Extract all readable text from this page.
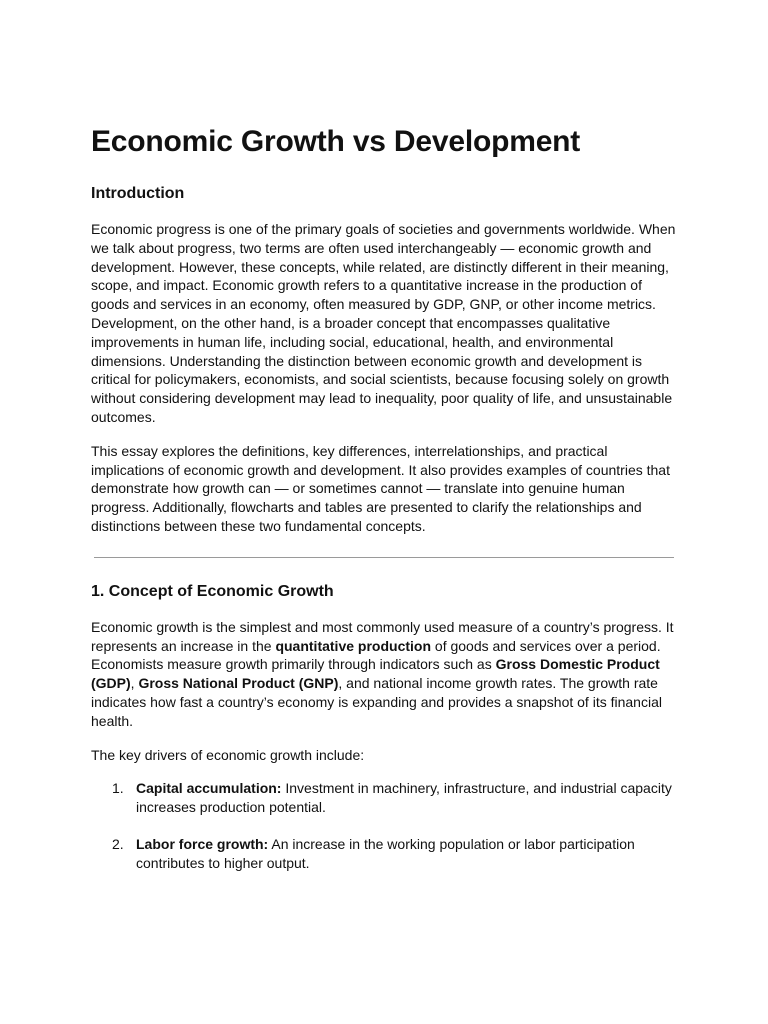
Economic Growth vs Development
Introduction

Economic progress is one of the primary goals of societies and governments worldwide. When we talk about progress, two terms are often used interchangeably — economic growth and development. However, these concepts, while related, are distinctly different in their meaning, scope, and impact. Economic growth refers to a quantitative increase in the production of goods and services in an economy, often measured by GDP, GNP, or other income metrics. Development, on the other hand, is a broader concept that encompasses qualitative improvements in human life, including social, educational, health, and environmental dimensions. Understanding the distinction between economic growth and development is critical for policymakers, economists, and social scientists, because focusing solely on growth without considering development may lead to inequality, poor quality of life, and unsustainable outcomes.

This essay explores the definitions, key differences, interrelationships, and practical implications of economic growth and development. It also provides examples of countries that demonstrate how growth can — or sometimes cannot — translate into genuine human progress. Additionally, flowcharts and tables are presented to clarify the relationships and distinctions between these two fundamental concepts.

1. Concept of Economic Growth

Economic growth is the simplest and most commonly used measure of a country’s progress. It represents an increase in the quantitative production of goods and services over a period. Economists measure growth primarily through indicators such as Gross Domestic Product (GDP), Gross National Product (GNP), and national income growth rates. The growth rate indicates how fast a country’s economy is expanding and provides a snapshot of its financial health.

The key drivers of economic growth include:

1. Capital accumulation: Investment in machinery, infrastructure, and industrial capacity increases production potential.
2. Labor force growth: An increase in the working population or labor participation contributes to higher output.
